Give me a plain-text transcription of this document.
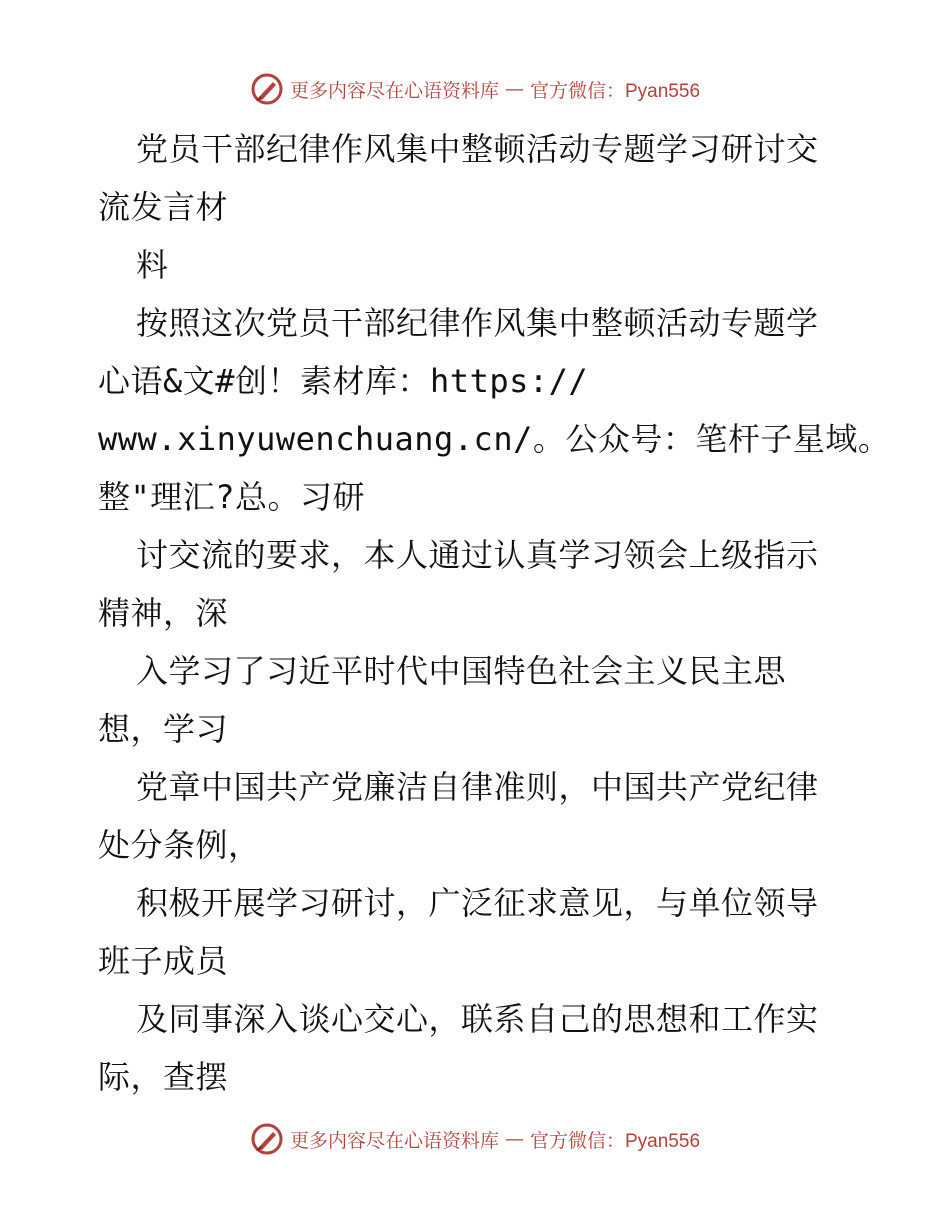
更多内容尽在心语资料库 — 官方微信：Pyan556
党员干部纪律作风集中整顿活动专题学习研讨交
流发言材
料
按照这次党员干部纪律作风集中整顿活动专题学
心语&文#创！素材库：https://
www.xinyuwenchuang.cn/。公众号：笔杆子星域。
整"理汇?总。习研
讨交流的要求，本人通过认真学习领会上级指示
精神，深
入学习了习近平时代中国特色社会主义民主思
想，学习
党章中国共产党廉洁自律准则，中国共产党纪律
处分条例，
积极开展学习研讨，广泛征求意见，与单位领导
班子成员
及同事深入谈心交心，联系自己的思想和工作实
际，查摆
更多内容尽在心语资料库 — 官方微信：Pyan556
